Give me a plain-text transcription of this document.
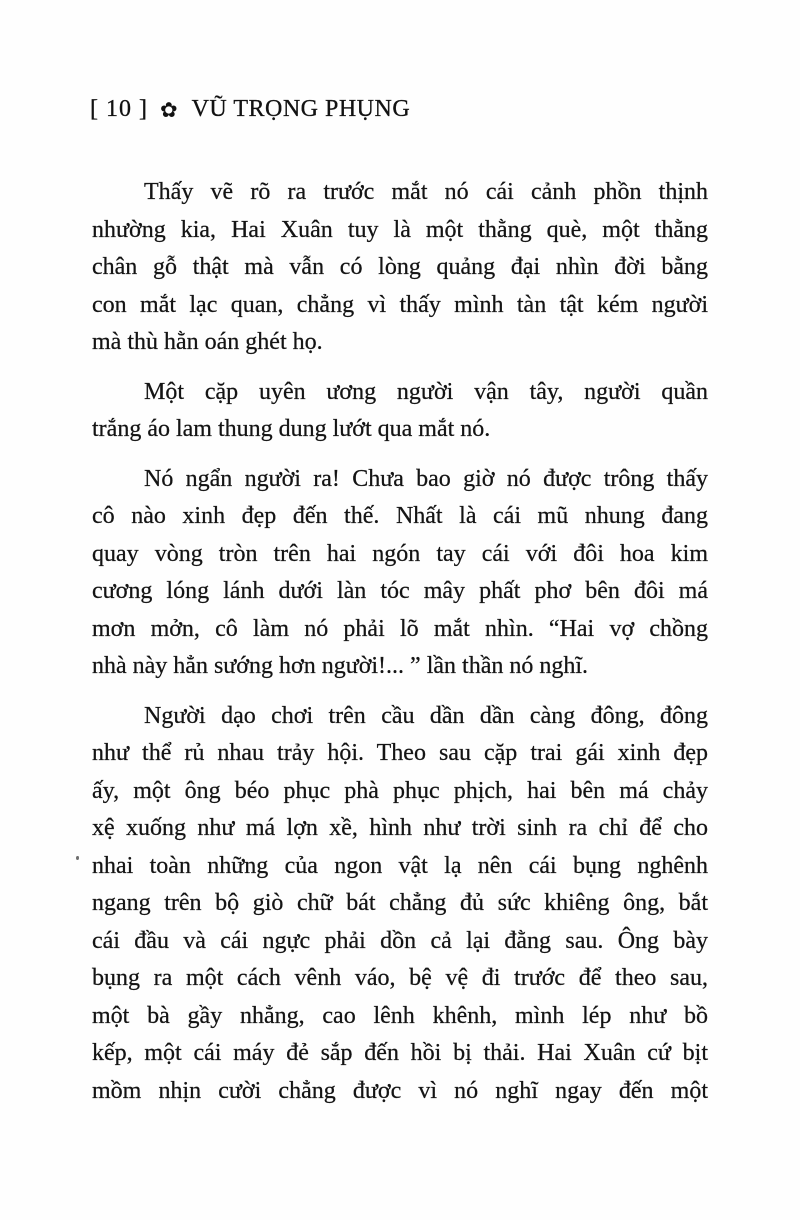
[ 10 ] ✿ VŨ TRỌNG PHỤNG
Thấy vẽ rõ ra trước mắt nó cái cảnh phồn thịnh
nhường kia, Hai Xuân tuy là một thằng què, một thằng
chân gỗ thật mà vẫn có lòng quảng đại nhìn đời bằng
con mắt lạc quan, chẳng vì thấy mình tàn tật kém người
mà thù hằn oán ghét họ.
Một cặp uyên ương người vận tây, người quần
trắng áo lam thung dung lướt qua mắt nó.
Nó ngẩn người ra! Chưa bao giờ nó được trông thấy
cô nào xinh đẹp đến thế. Nhất là cái mũ nhung đang
quay vòng tròn trên hai ngón tay cái với đôi hoa kim
cương lóng lánh dưới làn tóc mây phất phơ bên đôi má
mơn mởn, cô làm nó phải lõ mắt nhìn. “Hai vợ chồng
nhà này hẳn sướng hơn người!... ” lần thần nó nghĩ.
Người dạo chơi trên cầu dần dần càng đông, đông
như thể rủ nhau trảy hội. Theo sau cặp trai gái xinh đẹp
ấy, một ông béo phục phà phục phịch, hai bên má chảy
xệ xuống như má lợn xề, hình như trời sinh ra chỉ để cho
nhai toàn những của ngon vật lạ nên cái bụng nghênh
ngang trên bộ giò chữ bát chẳng đủ sức khiêng ông, bắt
cái đầu và cái ngực phải dồn cả lại đằng sau. Ông bày
bụng ra một cách vênh váo, bệ vệ đi trước để theo sau,
một bà gầy nhẳng, cao lênh khênh, mình lép như bồ
kếp, một cái máy đẻ sắp đến hồi bị thải. Hai Xuân cứ bịt
mồm nhịn cười chẳng được vì nó nghĩ ngay đến một
